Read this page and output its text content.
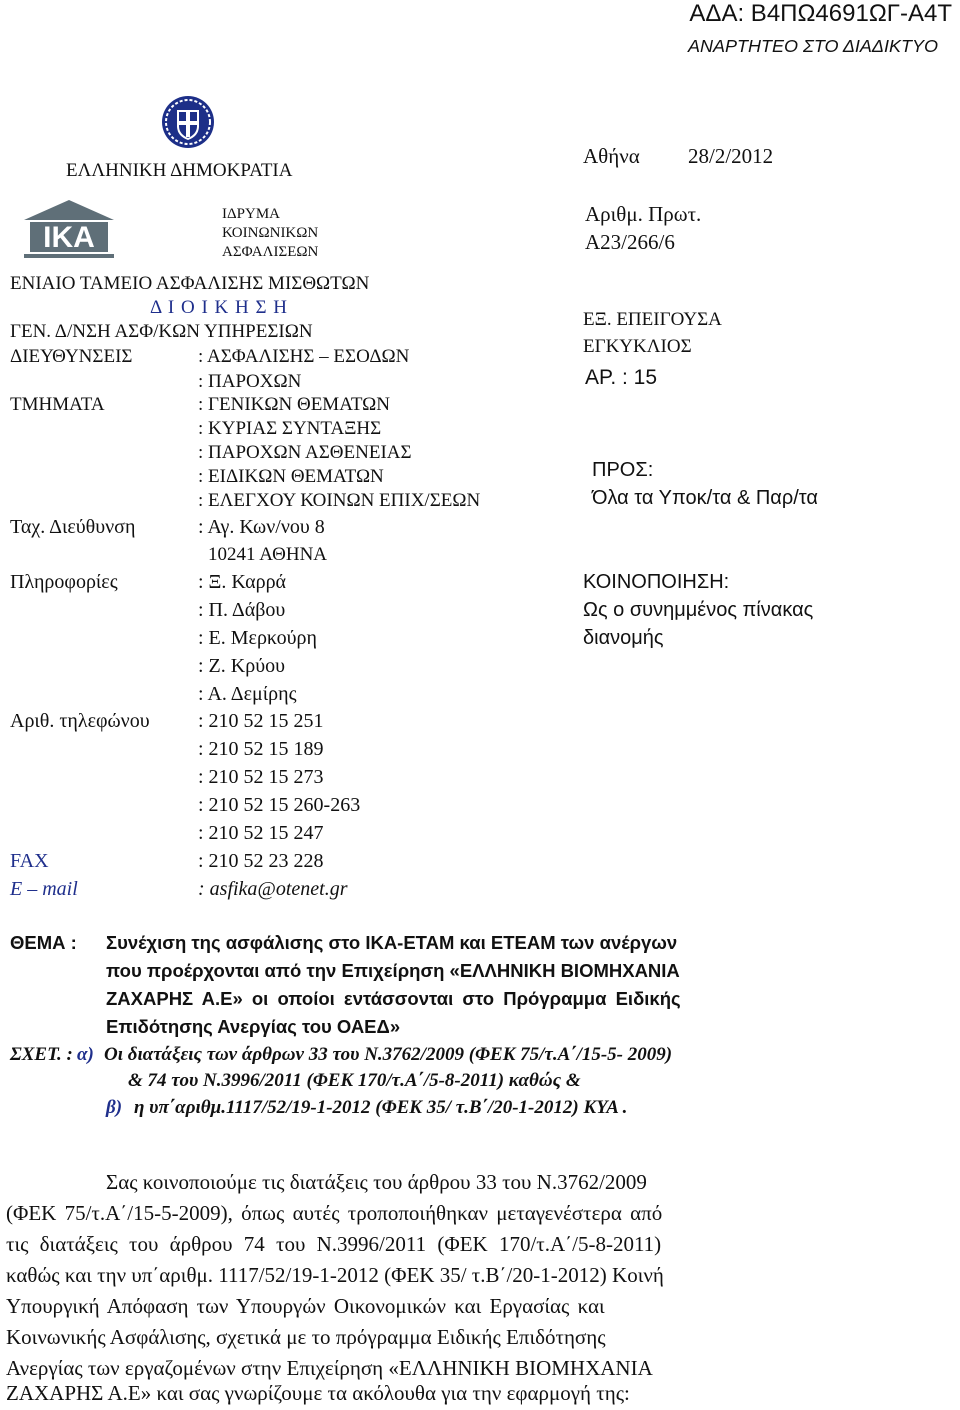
ΑΔΑ: Β4ΠΩ4691ΩΓ-Α4Τ
ΑΝΑΡΤΗΤΕΟ ΣΤΟ ΔΙΑΔΙΚΤΥΟ
ΕΛΛΗΝΙΚΗ ΔΗΜΟΚΡΑΤΙΑ
IKA
ΙΔΡΥΜΑ
ΚΟΙΝΩΝΙΚΩΝ
ΑΣΦΑΛΙΣΕΩΝ
ΕΝΙΑΙΟ ΤΑΜΕΙΟ ΑΣΦΑΛΙΣΗΣ ΜΙΣΘΩΤΩΝ
Δ Ι Ο Ι Κ Η Σ Η
ΓΕΝ. Δ/ΝΣΗ ΑΣΦ/ΚΩΝ ΥΠΗΡΕΣΙΩΝ
ΔΙΕΥΘΥΝΣΕΙΣ	: ΑΣΦΑΛΙΣΗΣ – ΕΣΟΔΩΝ
: ΠΑΡΟΧΩΝ
ΤΜΗΜΑΤΑ	: ΓΕΝΙΚΩΝ ΘΕΜΑΤΩΝ
: ΚΥΡΙΑΣ ΣΥΝΤΑΞΗΣ
: ΠΑΡΟΧΩΝ ΑΣΘΕΝΕΙΑΣ
: ΕΙΔΙΚΩΝ ΘΕΜΑΤΩΝ
: ΕΛΕΓΧΟΥ ΚΟΙΝΩΝ ΕΠΙΧ/ΣΕΩΝ
Ταχ. Διεύθυνση	: Αγ. Κων/νου 8
10241 ΑΘΗΝΑ
Πληροφορίες	: Ξ. Καρρά
: Π. Δάβου
: Ε. Μερκούρη
: Ζ. Κρύου
: Α. Δεμίρης
Αριθ. τηλεφώνου : 210 52 15 251
: 210 52 15 189
: 210 52 15 273
: 210 52 15 260-263
: 210 52 15 247
FAX	: 210 52 23 228
E – mail	: asfika@otenet.gr
Αθήνα 28/2/2012
Αριθμ. Πρωτ.
Α23/266/6
ΕΞ. ΕΠΕΙΓΟΥΣΑ
ΕΓΚΥΚΛΙΟΣ
ΑΡ. : 15
ΠΡΟΣ:
Όλα τα Υποκ/τα & Παρ/τα
ΚΟΙΝΟΠΟΙΗΣΗ:
Ως ο συνημμένος πίνακας
διανομής
ΘΕΜΑ : Συνέχιση της ασφάλισης στο ΙΚΑ-ΕΤΑΜ και ΕΤΕΑΜ των ανέργων
που προέρχονται από την Επιχείρηση «ΕΛΛΗΝΙΚΗ ΒΙΟΜΗΧΑΝΙΑ
ΖΑΧΑΡΗΣ Α.Ε» οι οποίοι εντάσσονται στο Πρόγραμμα Ειδικής
Επιδότησης Ανεργίας του ΟΑΕΔ»
ΣΧΕΤ. : α) Οι διατάξεις των άρθρων 33 του Ν.3762/2009 (ΦΕΚ 75/τ.Α΄/15-5- 2009)
& 74 του Ν.3996/2011 (ΦΕΚ 170/τ.Α΄/5-8-2011) καθώς &
β) η υπ΄αριθμ.1117/52/19-1-2012 (ΦΕΚ 35/ τ.Β΄/20-1-2012) ΚΥΑ .
Σας κοινοποιούμε τις διατάξεις του άρθρου 33 του Ν.3762/2009
(ΦΕΚ 75/τ.Α΄/15-5-2009), όπως αυτές τροποποιήθηκαν μεταγενέστερα από
τις διατάξεις του άρθρου 74 του Ν.3996/2011 (ΦΕΚ 170/τ.Α΄/5-8-2011)
καθώς και την υπ΄αριθμ. 1117/52/19-1-2012 (ΦΕΚ 35/ τ.Β΄/20-1-2012) Κοινή
Υπουργική Απόφαση των Υπουργών Οικονομικών και Εργασίας και
Κοινωνικής Ασφάλισης, σχετικά με το πρόγραμμα Ειδικής Επιδότησης
Ανεργίας των εργαζομένων στην Επιχείρηση «ΕΛΛΗΝΙΚΗ ΒΙΟΜΗΧΑΝΙΑ
ΖΑΧΑΡΗΣ Α.Ε» και σας γνωρίζουμε τα ακόλουθα για την εφαρμογή της:
